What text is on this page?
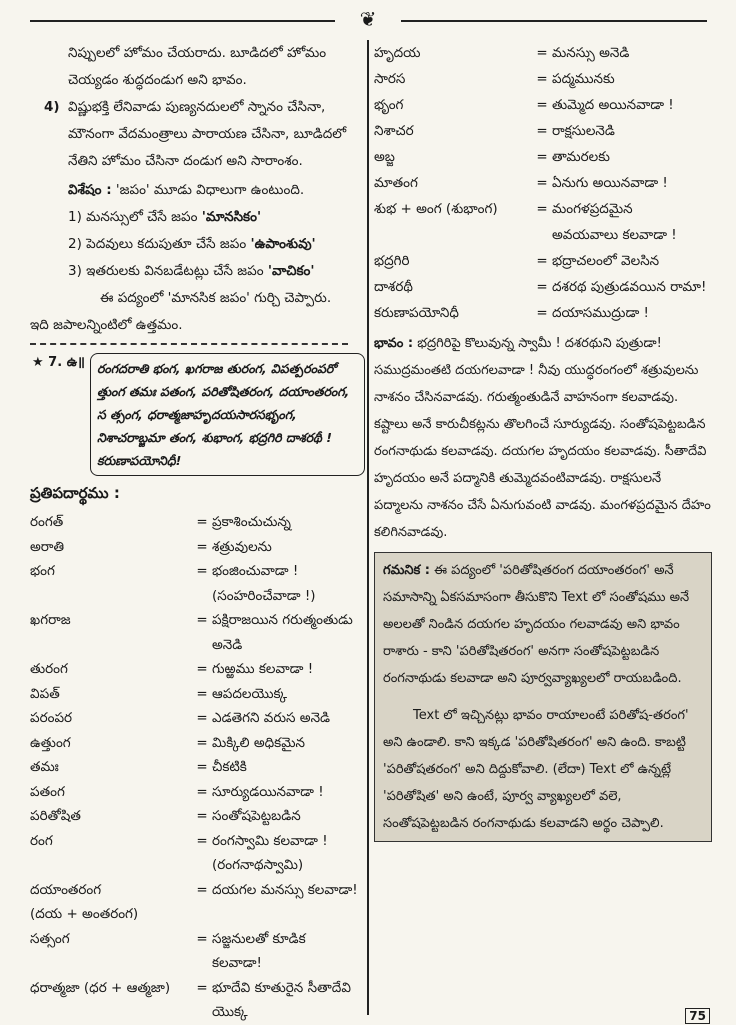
❦

నిప్పులలో హోమం చేయరాదు. బూడిదలో హోమం చెయ్యడం శుద్ధదండుగ అని భావం.

4) విష్ణుభక్తి లేనివాడు పుణ్యనదులలో స్నానం చేసినా, మౌనంగా వేదమంత్రాలు పారాయణ చేసినా, బూడిదలో నేతిని హోమం చేసినా దండుగ అని సారాంశం.

విశేషం : 'జపం' మూడు విధాలుగా ఉంటుంది.

1) మనస్సులో చేసే జపం 'మానసికం'

2) పెదవులు కదుపుతూ చేసే జపం 'ఉపాంశువు'

3) ఇతరులకు వినబడేటట్లు చేసే జపం 'వాచికం'

ఈ పద్యంలో 'మానసిక జపం' గుర్చి చెప్పారు.

ఇది జపాలన్నింటిలో ఉత్తమం.

★ 7. ఉ॥ రంగదరాతి భంగ, ఖగరాజ తురంగ, విపత్పరంపరో త్తుంగ తమః పతంగ, పరితోషితరంగ, దయాంతరంగ, స త్సంగ, ధరాత్మజాహృదయసారసభృంగ, నిశాచరాబ్జమా తంగ, శుభాంగ, భద్రగిరి దాశరథీ ! కరుణాపయోనిధీ!
ప్రతిపదార్థము :
రంగత్	= ప్రకాశించుచున్న
అరాతి	= శత్రువులను
భంగ	= భంజించువాడా !
(సంహరించేవాడా !)
ఖగరాజ	= పక్షిరాజయిన గరుత్మంతుడు
అనెడి
తురంగ	= గుఱ్ఱము కలవాడా !
విపత్	= ఆపదలయొక్క
పరంపర	= ఎడతెగని వరుస అనెడి
ఉత్తుంగ	= మిక్కిలి అధికమైన
తమః	= చీకటికి
పతంగ	= సూర్యుడయినవాడా !
పరితోషిత	= సంతోషపెట్టబడిన
రంగ	= రంగస్వామి కలవాడా !
(రంగనాథస్వామి)
దయాంతరంగ	= దయగల మనస్సు కలవాడా!
(దయ + అంతరంగ)
సత్సంగ	= సజ్జనులతో కూడిక
కలవాడా!
ధరాత్మజా (ధర + ఆత్మజా)	= భూదేవి కూతురైన సీతాదేవి
యొక్క
హృదయ	= మనస్సు అనెడి
సారస	= పద్మమునకు
భృంగ	= తుమ్మెద అయినవాడా !
నిశాచర	= రాక్షసులనెడి
అబ్జ	= తామరలకు
మాతంగ	= ఏనుగు అయినవాడా !
శుభ + అంగ (శుభాంగ)	= మంగళప్రదమైన
అవయవాలు కలవాడా !
భద్రగిరి	= భద్రాచలంలో వెలసిన
దాశరథీ	= దశరథ పుత్రుడవయిన రామా!
కరుణాపయోనిధీ	= దయాసముద్రుడా !

భావం : భద్రగిరిపై కొలువున్న స్వామీ ! దశరథుని పుత్రుడా! సముద్రమంతటి దయగలవాడా ! నీవు యుద్ధరంగంలో శత్రువులను నాశనం చేసినవాడవు. గరుత్మంతుడినే వాహనంగా కలవాడవు. కష్టాలు అనే కారుచీకట్లను తొలగించే సూర్యుడవు. సంతోషపెట్టబడిన రంగనాథుడు కలవాడవు. దయగల హృదయం కలవాడవు. సీతాదేవి హృదయం అనే పద్మానికి తుమ్మెదవంటివాడవు. రాక్షసులనే పద్మాలను నాశనం చేసే ఏనుగువంటి వాడవు. మంగళప్రదమైన దేహం కలిగినవాడవు.

గమనిక : ఈ పద్యంలో 'పరితోషితరంగ దయాంతరంగ' అనే సమాసాన్ని ఏకసమాసంగా తీసుకొని Text లో సంతోషము అనే అలలతో నిండిన దయగల హృదయం గలవాడవు అని భావం రాశారు - కాని 'పరితోషితరంగ' అనగా సంతోషపెట్టబడిన రంగనాథుడు కలవాడా అని పూర్వవ్యాఖ్యలలో రాయబడింది.

Text లో ఇచ్చినట్లు భావం రాయాలంటే పరితోష-తరంగ' అని ఉండాలి. కాని ఇక్కడ 'పరితోషితరంగ' అని ఉంది. కాబట్టి 'పరితోషతరంగ' అని దిద్దుకోవాలి. (లేదా) Text లో ఉన్నట్లే 'పరితోషిత' అని ఉంటే, పూర్వ వ్యాఖ్యలలో వలె, సంతోషపెట్టబడిన రంగనాథుడు కలవాడని అర్థం చెప్పాలి.

75
